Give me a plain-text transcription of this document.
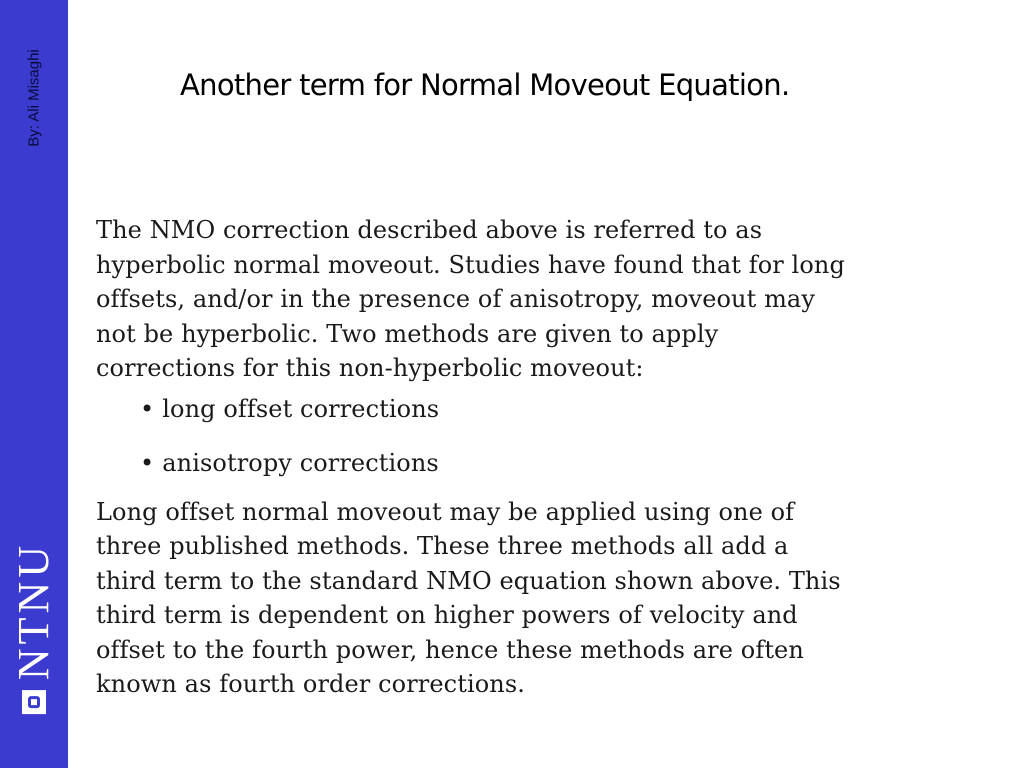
By: Ali Misaghi
NTNU
Another term for Normal Moveout Equation.

The NMO correction described above is referred to as
hyperbolic normal moveout. Studies have found that for long
offsets, and/or in the presence of anisotropy, moveout may
not be hyperbolic. Two methods are given to apply
corrections for this non-hyperbolic moveout:

• long offset corrections
• anisotropy corrections

Long offset normal moveout may be applied using one of
three published methods. These three methods all add a
third term to the standard NMO equation shown above. This
third term is dependent on higher powers of velocity and
offset to the fourth power, hence these methods are often
known as fourth order corrections.
